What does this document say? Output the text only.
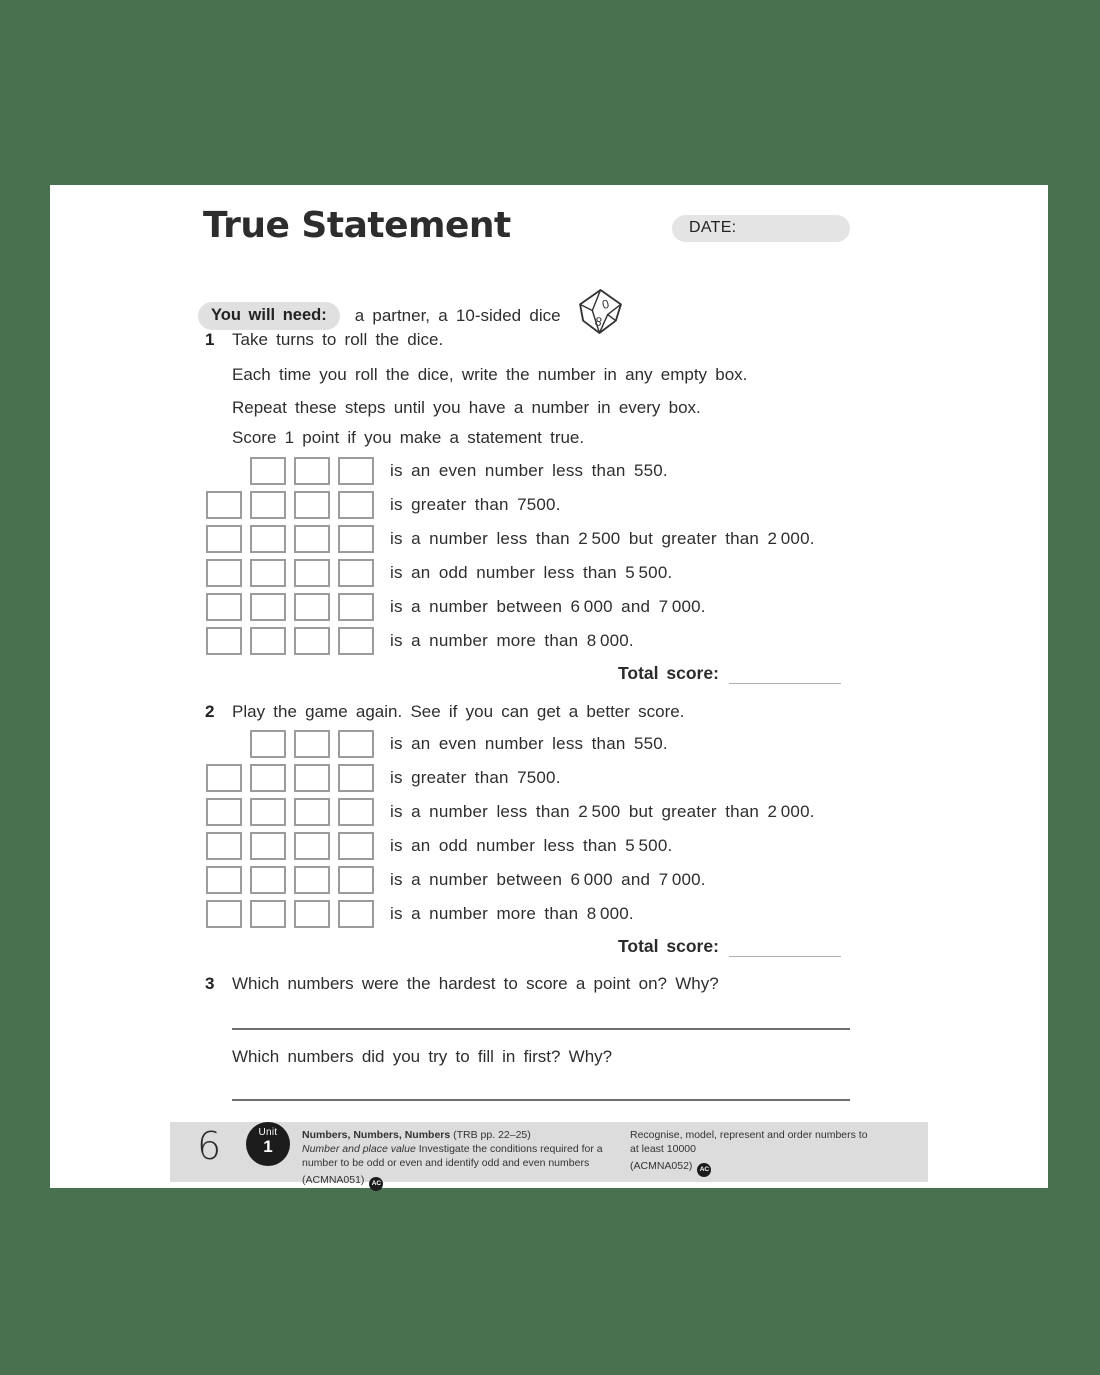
True Statement	DATE:
You will need:	a partner, a 10-sided dice
0
8
1 Take turns to roll the dice.

Each time you roll the dice, write the number in any empty box.

Repeat these steps until you have a number in every box.

Score 1 point if you make a statement true.

is an even number less than 550.
is greater than 7500.
is a number less than 2 500 but greater than 2 000.
is an odd number less than 5 500.
is a number between 6 000 and 7 000.
is a number more than 8 000.
Total score:
2 Play the game again. See if you can get a better score.
is an even number less than 550.
is greater than 7500.
is a number less than 2 500 but greater than 2 000.
is an odd number less than 5 500.
is a number between 6 000 and 7 000.
is a number more than 8 000.
Total score:
3 Which numbers were the hardest to score a point on? Why?

Which numbers did you try to fill in first? Why?

6	Unit
1
Numbers, Numbers, Numbers (TRB pp. 22–25)
Number and place value Investigate the conditions required for a number to be odd or even and identify odd and even numbers
(ACMNA051) AC
Recognise, model, represent and order numbers to at least 10000
(ACMNA052) AC
